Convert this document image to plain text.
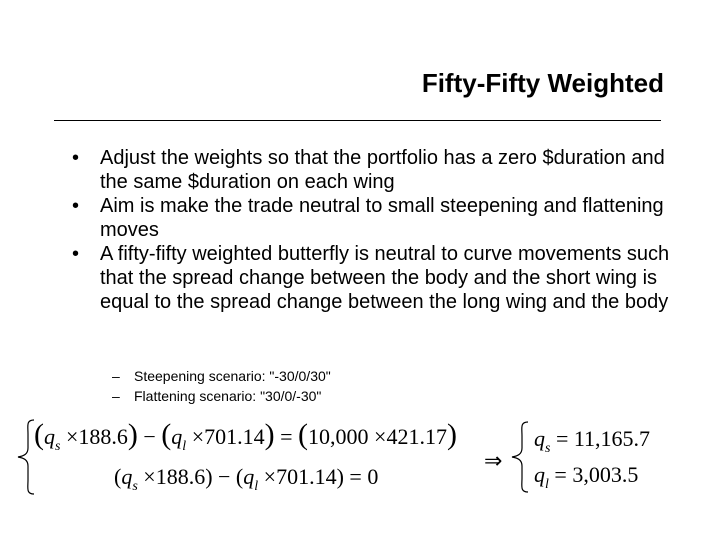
Fifty-Fifty Weighted
• Adjust the weights so that the portfolio has a zero $duration and the same $duration on each wing
• Aim is make the trade neutral to small steepening and flattening moves
• A fifty-fifty weighted butterfly is neutral to curve movements such that the spread change between the body and the short wing is equal to the spread change between the long wing and the body
– Steepening scenario: "-30/0/30"
– Flattening scenario: "30/0/-30"
$(q_s \times 188.6) - (q_l \times 701.14) = (10,000 \times 421.17)$
$(q_s \times 188.6) - (q_l \times 701.14) = 0$
⇒
$q_s = 11,165.7$
$q_l = 3,003.5$
